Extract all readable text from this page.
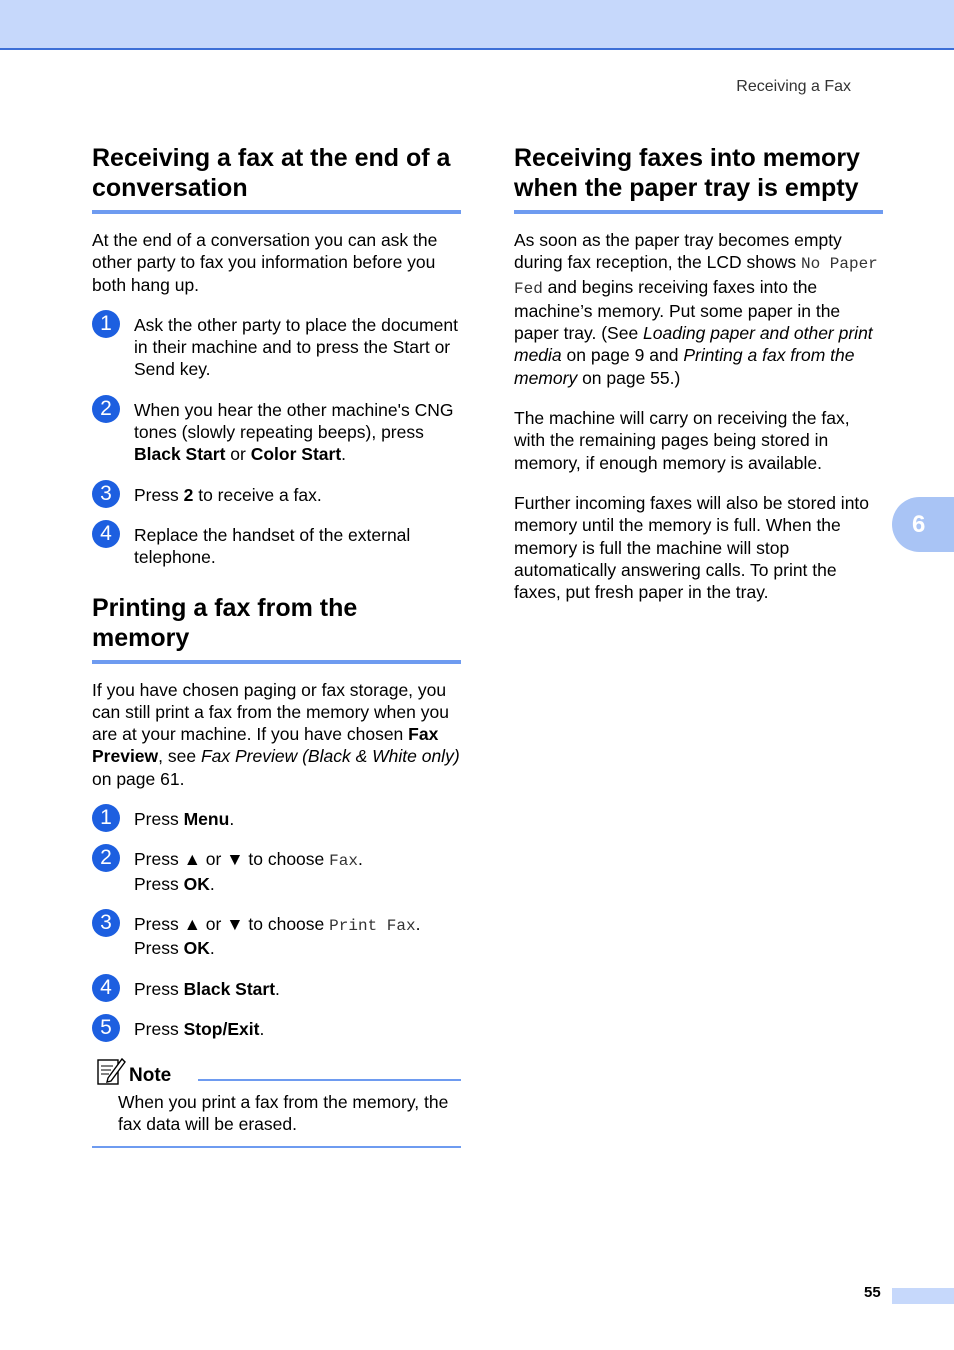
Receiving a Fax
Receiving a fax at the end of a conversation

At the end of a conversation you can ask the other party to fax you information before you both hang up.

1	Ask the other party to place the document in their machine and to press the Start or Send key.
2	When you hear the other machine's CNG tones (slowly repeating beeps), press Black Start or Color Start.
3	Press 2 to receive a fax.
4	Replace the handset of the external telephone.
Printing a fax from the memory

If you have chosen paging or fax storage, you can still print a fax from the memory when you are at your machine. If you have chosen Fax Preview, see Fax Preview (Black & White only) on page 61.

1	Press Menu.
2	Press ▲ or ▼ to choose Fax.
Press OK.
3	Press ▲ or ▼ to choose Print Fax.
Press OK.
4	Press Black Start.
5	Press Stop/Exit.
Note

When you print a fax from the memory, the fax data will be erased.

Receiving faxes into memory when the paper tray is empty

As soon as the paper tray becomes empty during fax reception, the LCD shows No Paper Fed and begins receiving faxes into the machine’s memory. Put some paper in the paper tray. (See Loading paper and other print media on page 9 and Printing a fax from the memory on page 55.)

The machine will carry on receiving the fax, with the remaining pages being stored in memory, if enough memory is available.

Further incoming faxes will also be stored into memory until the memory is full. When the memory is full the machine will stop automatically answering calls. To print the faxes, put fresh paper in the tray.

6
55
